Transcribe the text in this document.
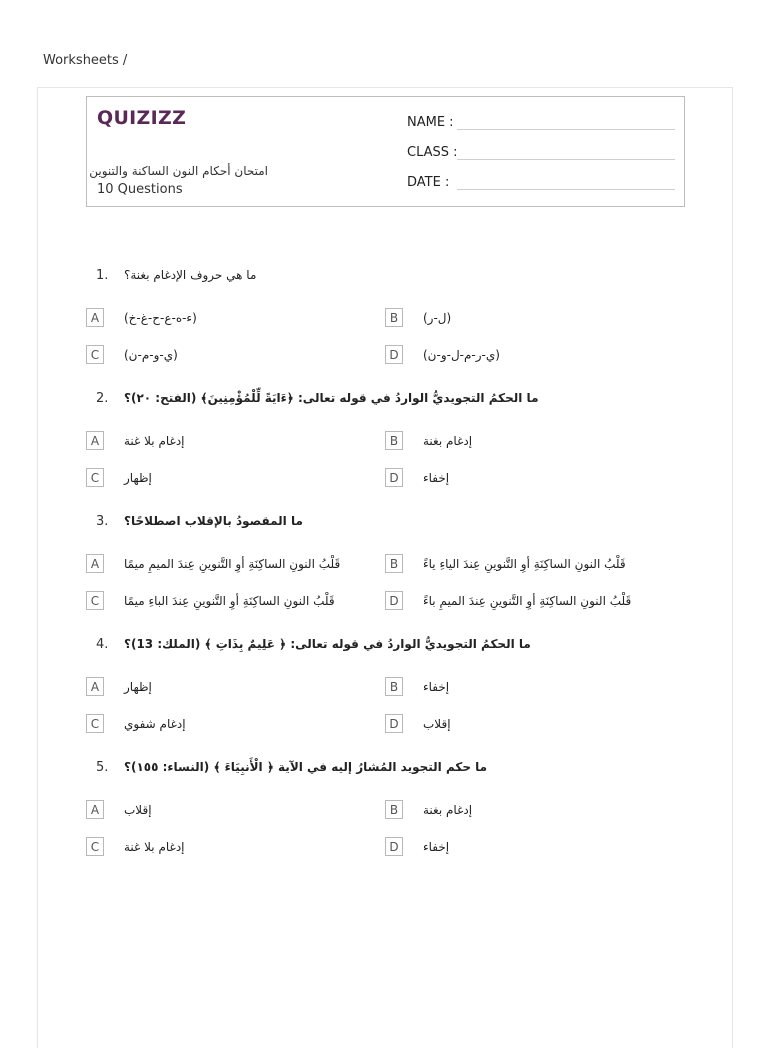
Worksheets /
QUIZIZZ
امتحان أحكام النون الساكنة والتنوين
10 Questions
NAME :
CLASS :
DATE :
1. ما هي حروف الإدغام بغنة؟
A	(ء-ه-ع-ح-غ-خ)	B	(ل-ر)
C	(ي-و-م-ن)	D	(ي-ر-م-ل-و-ن)
2. ما الحكمُ التجويديُّ الواردُ في قوله تعالى: ﴿ءَايَةً لِّلْمُؤْمِنِينَ﴾ (الفتح: ٢٠)؟
A	إدغام بلا غنة	B	إدغام بغنة
C	إظهار	D	إخفاء
3. ما المقصودُ بالإقلاب اصطلاحًا؟
A	قَلْبُ النونِ الساكِنَةِ أوِ التَّنوينِ عِندَ الميمِ ميمًا	B	قَلْبُ النونِ الساكِنَةِ أوِ التَّنوينِ عِندَ الياءِ ياءً
C	قَلْبُ النونِ الساكِنَةِ أوِ التَّنوينِ عِندَ الباءِ ميمًا	D	قَلْبُ النونِ الساكِنَةِ أوِ التَّنوينِ عِندَ الميمِ باءً
4. ما الحكمُ التجويديُّ الواردُ في قوله تعالى: ﴿ عَلِيمٌ بِذَاتِ ﴾ (الملك: 13)؟
A	إظهار	B	إخفاء
C	إدغام شفوي	D	إقلاب
5. ما حكم التجويد المُشارُ إليه في الآية ﴿ الْأَنبِيَاءَ ﴾ (النساء: ١٥٥)؟
A	إقلاب	B	إدغام بغنة
C	إدغام بلا غنة	D	إخفاء
